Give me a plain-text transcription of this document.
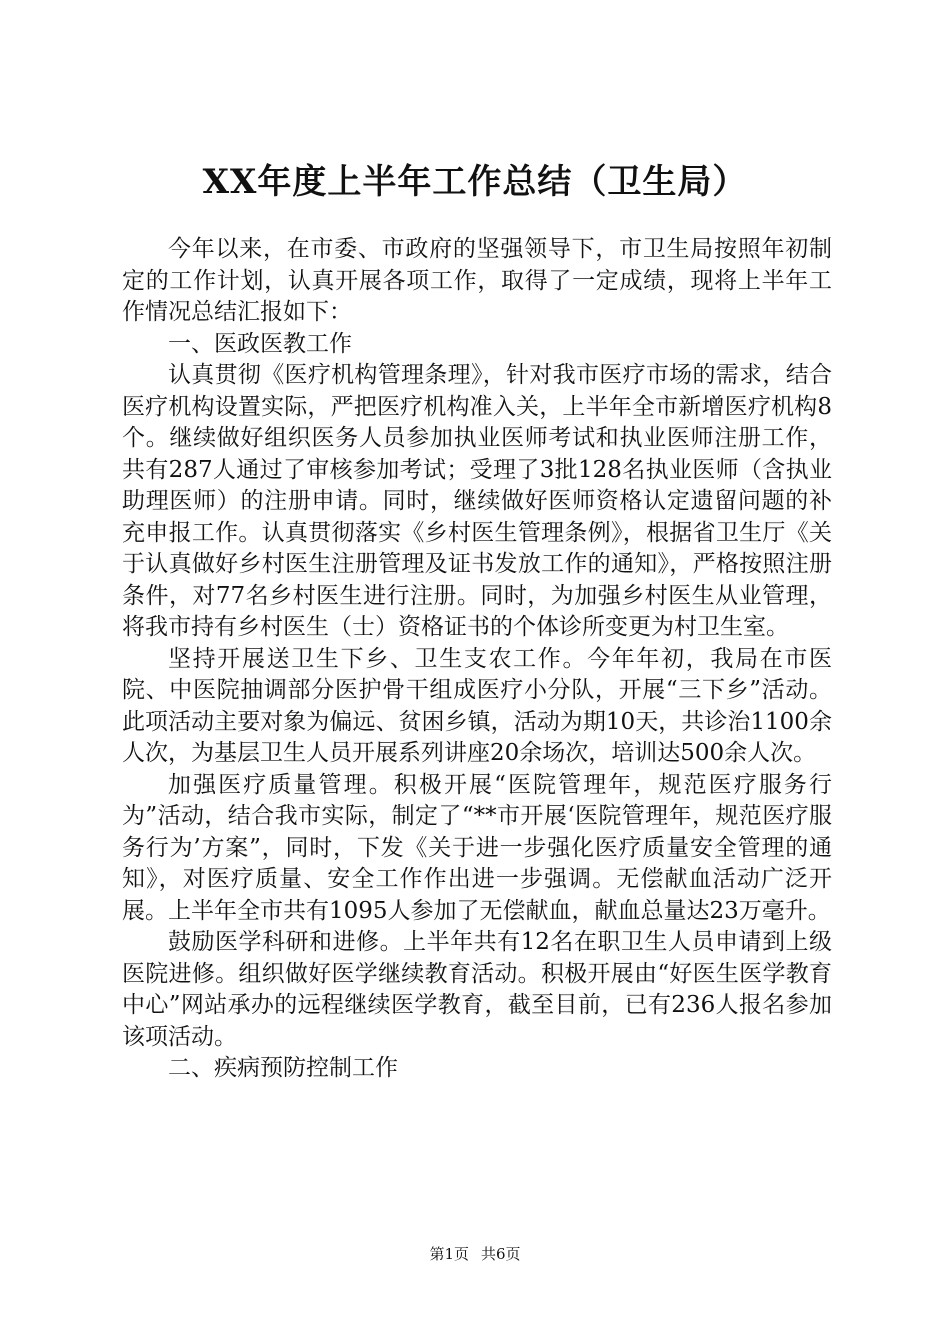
XX年度上半年工作总结（卫生局）

今年以来，在市委、市政府的坚强领导下，市卫生局按照年初制定的工作计划，认真开展各项工作，取得了一定成绩，现将上半年工作情况总结汇报如下：

一、医政医教工作

认真贯彻《医疗机构管理条理》，针对我市医疗市场的需求，结合医疗机构设置实际，严把医疗机构准入关，上半年全市新增医疗机构8个。继续做好组织医务人员参加执业医师考试和执业医师注册工作，共有287人通过了审核参加考试；受理了3批128名执业医师（含执业助理医师）的注册申请。同时，继续做好医师资格认定遗留问题的补充申报工作。认真贯彻落实《乡村医生管理条例》，根据省卫生厅《关于认真做好乡村医生注册管理及证书发放工作的通知》，严格按照注册条件，对77名乡村医生进行注册。同时，为加强乡村医生从业管理，将我市持有乡村医生（士）资格证书的个体诊所变更为村卫生室。

坚持开展送卫生下乡、卫生支农工作。今年年初，我局在市医院、中医院抽调部分医护骨干组成医疗小分队，开展“三下乡”活动。此项活动主要对象为偏远、贫困乡镇，活动为期10天，共诊治1100余人次，为基层卫生人员开展系列讲座20余场次，培训达500余人次。

加强医疗质量管理。积极开展“医院管理年，规范医疗服务行为”活动，结合我市实际，制定了“**市开展‘医院管理年，规范医疗服务行为’方案”，同时，下发《关于进一步强化医疗质量安全管理的通知》，对医疗质量、安全工作作出进一步强调。无偿献血活动广泛开展。上半年全市共有1095人参加了无偿献血，献血总量达23万毫升。

鼓励医学科研和进修。上半年共有12名在职卫生人员申请到上级医院进修。组织做好医学继续教育活动。积极开展由“好医生医学教育中心”网站承办的远程继续医学教育，截至目前，已有236人报名参加该项活动。

二、疾病预防控制工作

第1页 共6页
